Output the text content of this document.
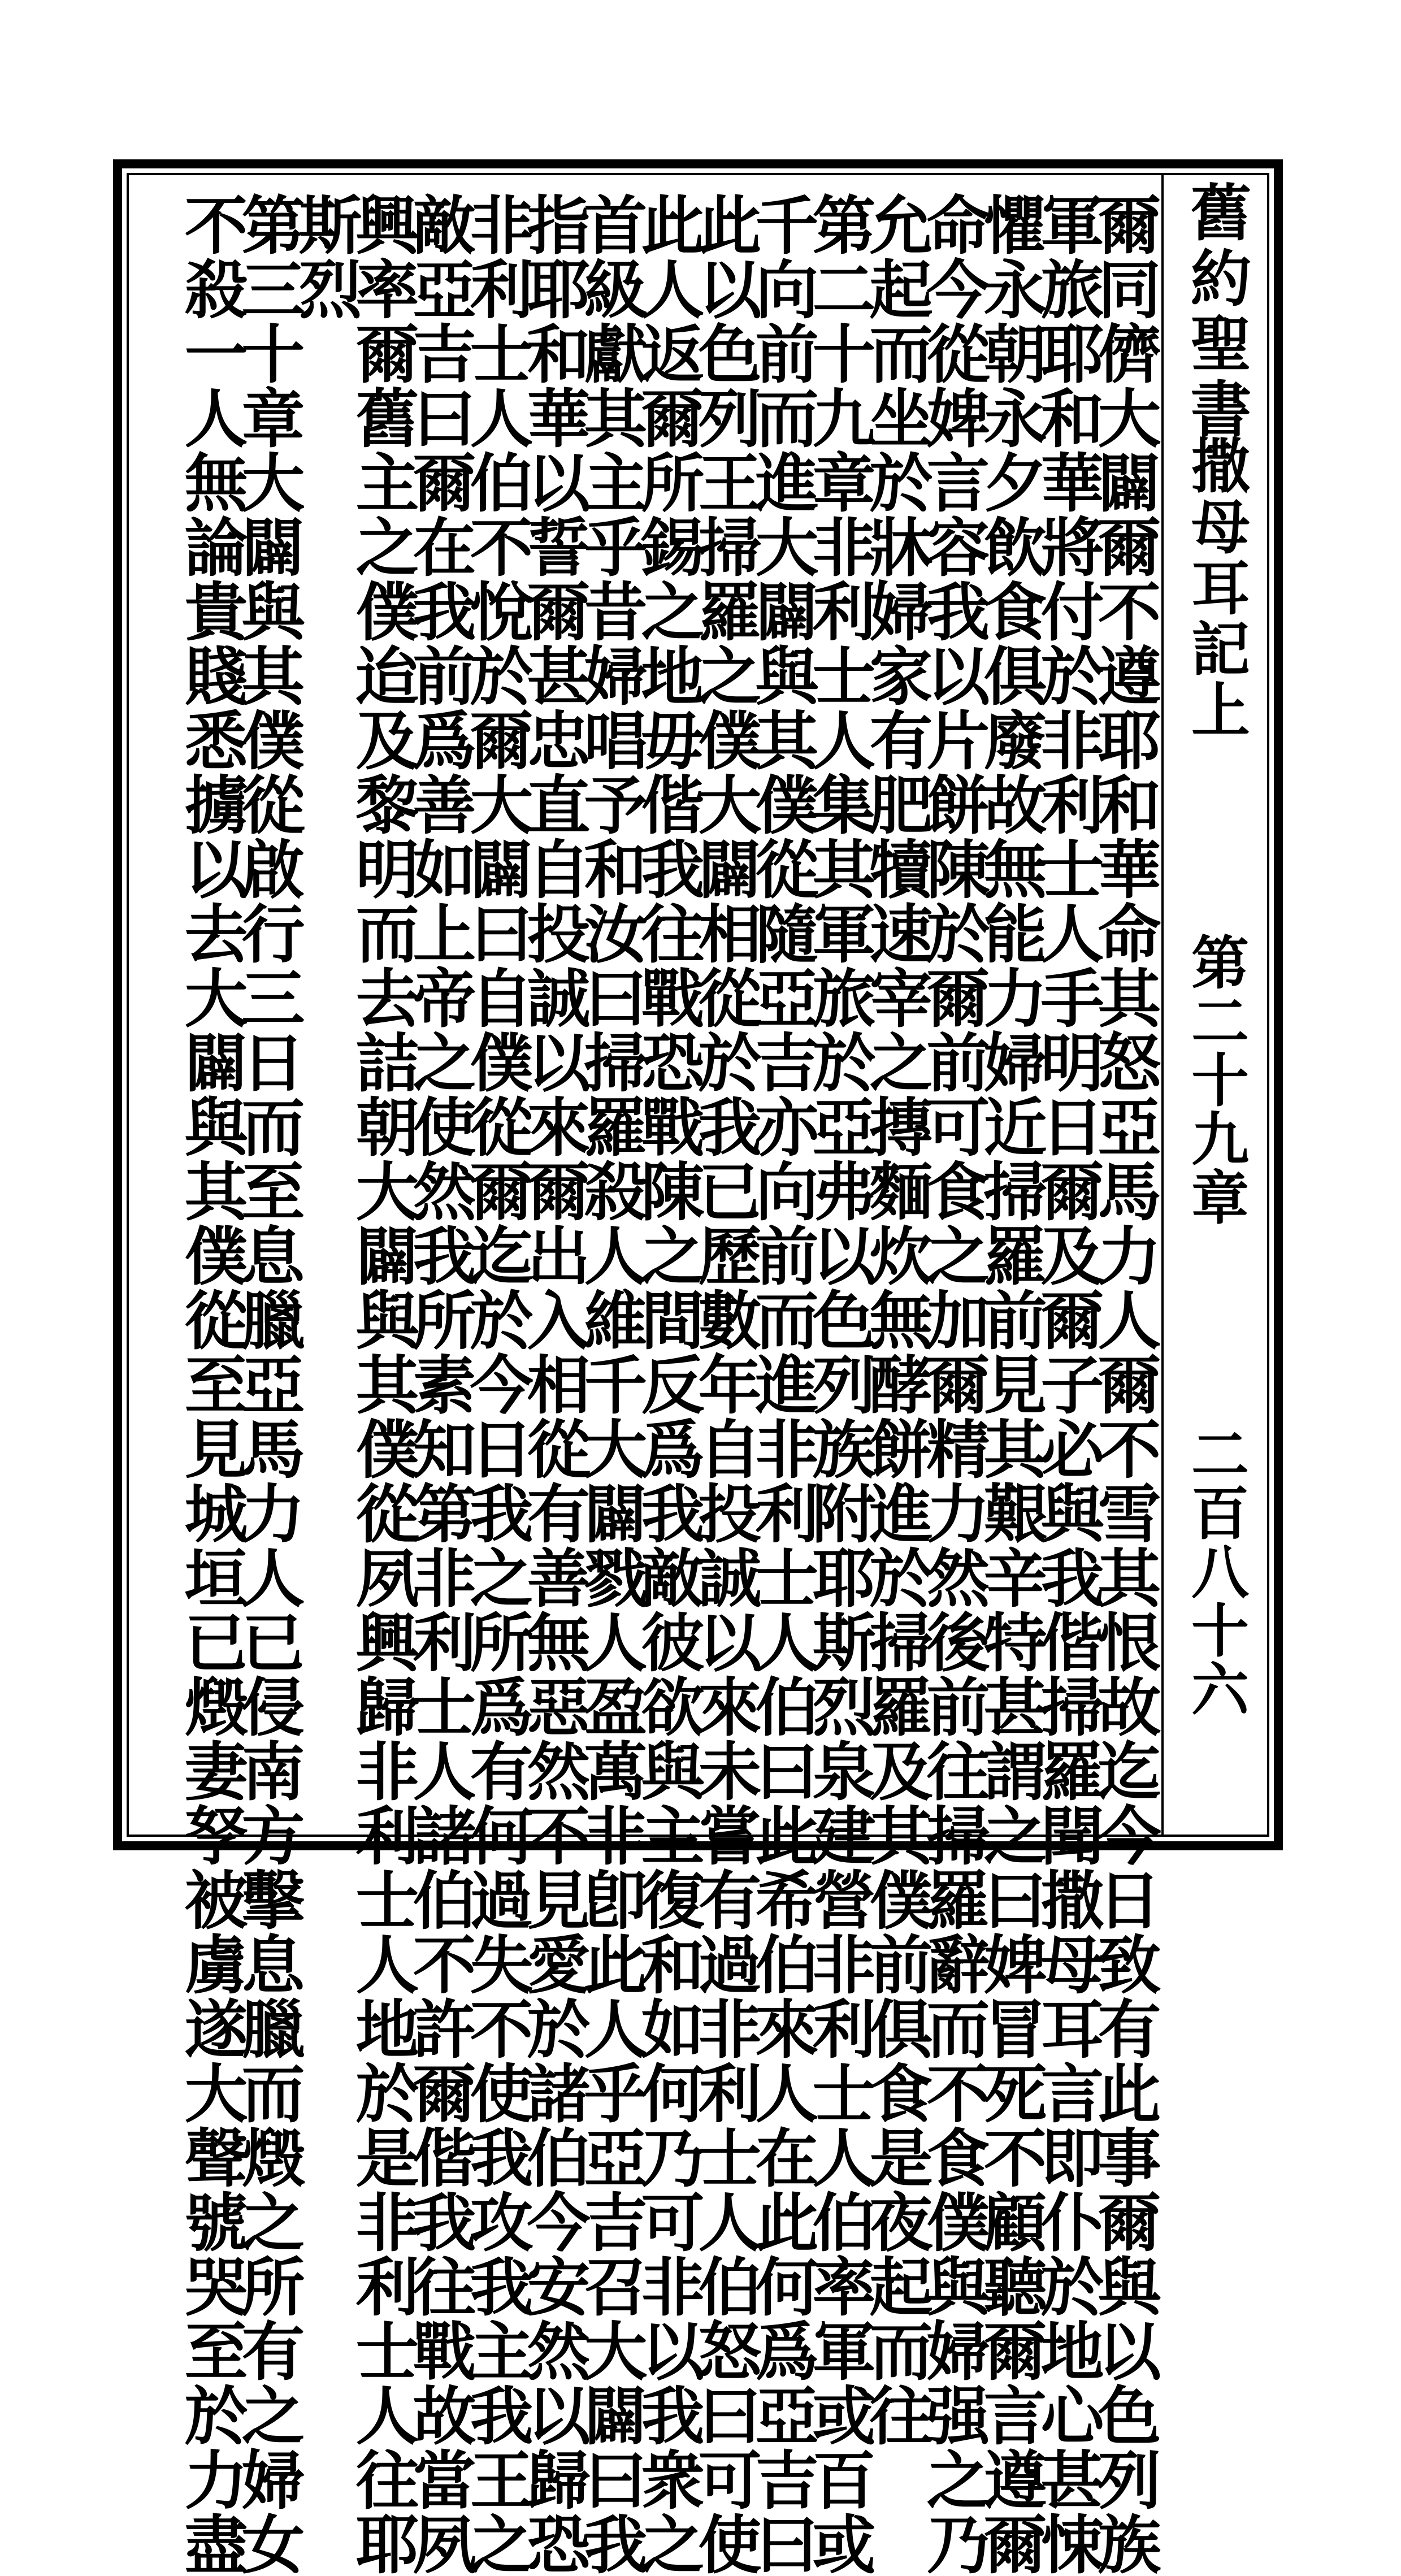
舊約聖書
撒母耳記上
第二十九章
二百八十六
爾同儕大闢爾不遵耶和華命其怒亞馬力人爾不雪其恨故迄今日致有此事爾與以色列族
軍旅耶和華將付於非利士人手明日爾及爾子必與我偕掃羅聞撒母耳言即仆於地心甚悚
懼永朝永夕飲食俱廢故無能力婦近掃羅前見其艱辛特甚謂之曰婢冒死不顧聽爾言遵爾
命今從婢言容我以片餅陳於爾前可食之加爾精力然後前往掃羅辭而不食僕與婦强之乃
允起而坐於牀婦家有肥犢速宰之摶麵炊無酵餅進於掃羅及其僕前俱食是夜起而往
第二十九章非利士人集其軍旅於亞弗以色列族附耶斯烈泉建營非利士人伯率軍或百或
千向前而進大闢與其僕從隨亞吉亦向前而進非利士人伯曰此希伯來人在此何爲亞吉曰
此以色列王掃羅之僕大闢相從於我已歷數年自投誠以來未嘗有過非利士人伯怒曰可使
此人返爾所錫之地毋偕我往戰恐戰陳之間反爲我敵彼欲與主復和如何乃可非以我衆之
首級獻其主乎昔婦唱予和汝曰掃羅殺人維千大闢戮人盈萬非卽此人乎亞吉召大闢曰我
指耶和華以誓爾甚忠直自投誠以來爾出入相從有善無惡然不見愛於諸伯今安然以歸恐
非利士人伯不悅於爾大闢曰自僕從爾迄於今日我之所爲有何過失不使我攻我主我王之
敵亞吉曰爾在我前爲善如上帝之使然我所素知第非利士人諸伯不許爾偕我往戰故當夙
興率爾舊主之僕迨及黎明而去詰朝大闢與其僕從夙興歸非利士人地於是非利士人往耶
斯烈
第三十章大闢與其僕從啟行三日而至息臘亞馬力人已侵南方擊息臘而燬之所有之婦女
不殺一人無論貴賤悉擄以去大闢與其僕從至見城垣已燬妻孥被虜遂大聲號哭至於力盡
